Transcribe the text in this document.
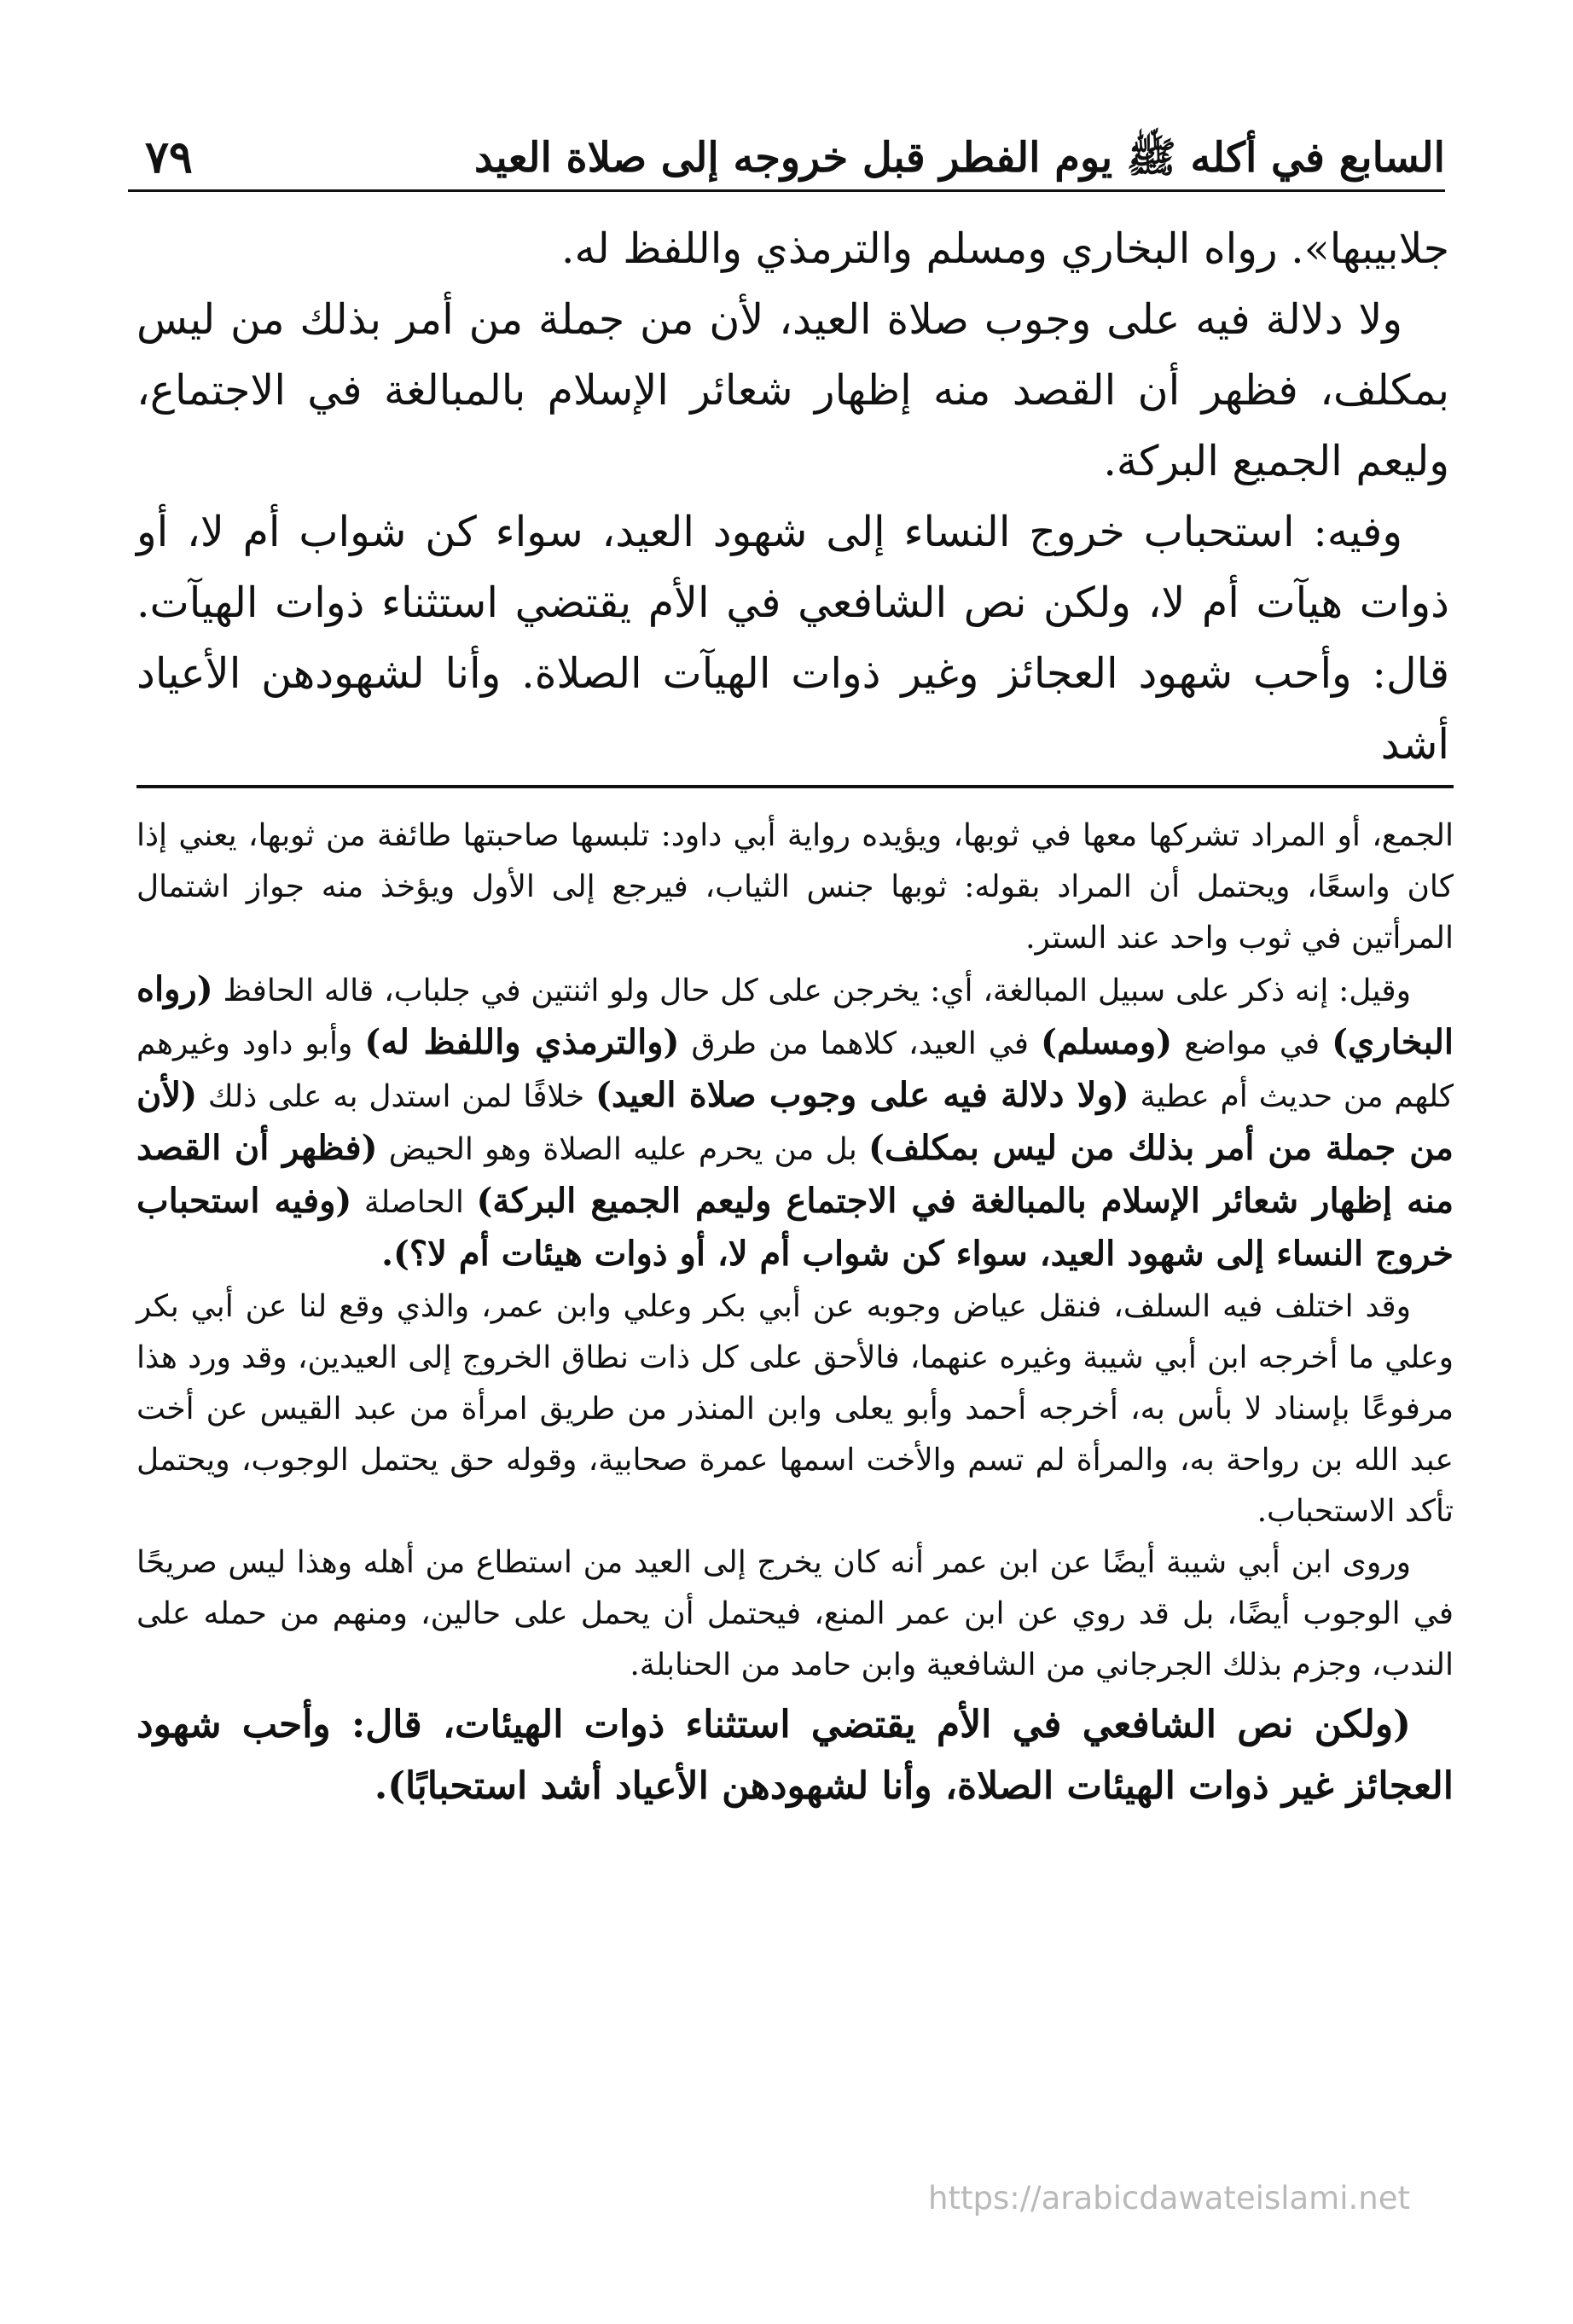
السابع في أكله ﷺ يوم الفطر قبل خروجه إلى صلاة العيد
٧٩

جلابيبها». رواه البخاري ومسلم والترمذي واللفظ له.

ولا دلالة فيه على وجوب صلاة العيد، لأن من جملة من أمر بذلك من ليس بمكلف، فظهر أن القصد منه إظهار شعائر الإسلام بالمبالغة في الاجتماع، وليعم الجميع البركة.

وفيه: استحباب خروج النساء إلى شهود العيد، سواء كن شواب أم لا، أو ذوات هيآت أم لا، ولكن نص الشافعي في الأم يقتضي استثناء ذوات الهيآت. قال: وأحب شهود العجائز وغير ذوات الهيآت الصلاة. وأنا لشهودهن الأعياد أشد

الجمع، أو المراد تشركها معها في ثوبها، ويؤيده رواية أبي داود: تلبسها صاحبتها طائفة من ثوبها، يعني إذا كان واسعًا، ويحتمل أن المراد بقوله: ثوبها جنس الثياب، فيرجع إلى الأول ويؤخذ منه جواز اشتمال المرأتين في ثوب واحد عند الستر.

وقيل: إنه ذكر على سبيل المبالغة، أي: يخرجن على كل حال ولو اثنتين في جلباب، قاله الحافظ (رواه البخاري) في مواضع (ومسلم) في العيد، كلاهما من طرق (والترمذي واللفظ له) وأبو داود وغيرهم كلهم من حديث أم عطية (ولا دلالة فيه على وجوب صلاة العيد) خلافًا لمن استدل به على ذلك (لأن من جملة من أمر بذلك من ليس بمكلف) بل من يحرم عليه الصلاة وهو الحيض (فظهر أن القصد منه إظهار شعائر الإسلام بالمبالغة في الاجتماع وليعم الجميع البركة) الحاصلة (وفيه استحباب خروج النساء إلى شهود العيد، سواء كن شواب أم لا، أو ذوات هيئات أم لا؟).

وقد اختلف فيه السلف، فنقل عياض وجوبه عن أبي بكر وعلي وابن عمر، والذي وقع لنا عن أبي بكر وعلي ما أخرجه ابن أبي شيبة وغيره عنهما، فالأحق على كل ذات نطاق الخروج إلى العيدين، وقد ورد هذا مرفوعًا بإسناد لا بأس به، أخرجه أحمد وأبو يعلى وابن المنذر من طريق امرأة من عبد القيس عن أخت عبد الله بن رواحة به، والمرأة لم تسم والأخت اسمها عمرة صحابية، وقوله حق يحتمل الوجوب، ويحتمل تأكد الاستحباب.

وروى ابن أبي شيبة أيضًا عن ابن عمر أنه كان يخرج إلى العيد من استطاع من أهله وهذا ليس صريحًا في الوجوب أيضًا، بل قد روي عن ابن عمر المنع، فيحتمل أن يحمل على حالين، ومنهم من حمله على الندب، وجزم بذلك الجرجاني من الشافعية وابن حامد من الحنابلة.

(ولكن نص الشافعي في الأم يقتضي استثناء ذوات الهيئات، قال: وأحب شهود العجائز غير ذوات الهيئات الصلاة، وأنا لشهودهن الأعياد أشد استحبابًا).

https://arabicdawateislami.net
